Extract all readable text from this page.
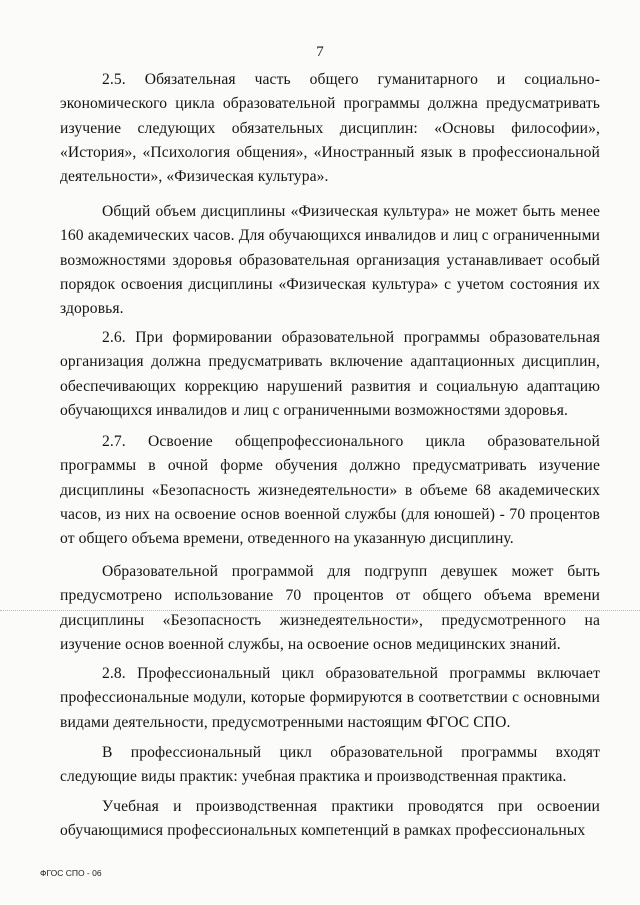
7

2.5. Обязательная часть общего гуманитарного и социально-экономического цикла образовательной программы должна предусматривать изучение следующих обязательных дисциплин: «Основы философии», «История», «Психология общения», «Иностранный язык в профессиональной деятельности», «Физическая культура».

Общий объем дисциплины «Физическая культура» не может быть менее 160 академических часов. Для обучающихся инвалидов и лиц с ограниченными возможностями здоровья образовательная организация устанавливает особый порядок освоения дисциплины «Физическая культура» с учетом состояния их здоровья.

2.6. При формировании образовательной программы образовательная организация должна предусматривать включение адаптационных дисциплин, обеспечивающих коррекцию нарушений развития и социальную адаптацию обучающихся инвалидов и лиц с ограниченными возможностями здоровья.

2.7. Освоение общепрофессионального цикла образовательной программы в очной форме обучения должно предусматривать изучение дисциплины «Безопасность жизнедеятельности» в объеме 68 академических часов, из них на освоение основ военной службы (для юношей) - 70 процентов от общего объема времени, отведенного на указанную дисциплину.

Образовательной программой для подгрупп девушек может быть предусмотрено использование 70 процентов от общего объема времени дисциплины «Безопасность жизнедеятельности», предусмотренного на изучение основ военной службы, на освоение основ медицинских знаний.

2.8. Профессиональный цикл образовательной программы включает профессиональные модули, которые формируются в соответствии с основными видами деятельности, предусмотренными настоящим ФГОС СПО.

В профессиональный цикл образовательной программы входят следующие виды практик: учебная практика и производственная практика.

Учебная и производственная практики проводятся при освоении обучающимися профессиональных компетенций в рамках профессиональных

ФГОС СПО - 06
